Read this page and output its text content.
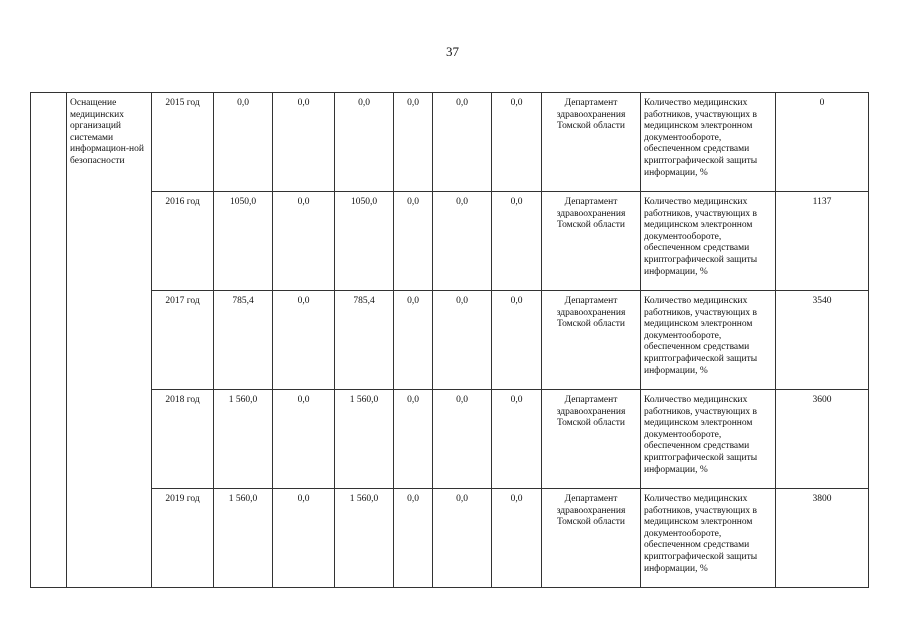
37
	Оснащение медицинских организаций системами информацион-ной безопасности	2015 год	0,0	0,0	0,0	0,0	0,0	0,0	Департамент здравоохранения Томской области	Количество медицинских работников, участвующих в медицинском электронном документообороте, обеспеченном средствами криптографической защиты информации, %	0
		2016 год	1050,0	0,0	1050,0	0,0	0,0	0,0	Департамент здравоохранения Томской области	Количество медицинских работников, участвующих в медицинском электронном документообороте, обеспеченном средствами криптографической защиты информации, %	1137
		2017 год	785,4	0,0	785,4	0,0	0,0	0,0	Департамент здравоохранения Томской области	Количество медицинских работников, участвующих в медицинском электронном документообороте, обеспеченном средствами криптографической защиты информации, %	3540
		2018 год	1 560,0	0,0	1 560,0	0,0	0,0	0,0	Департамент здравоохранения Томской области	Количество медицинских работников, участвующих в медицинском электронном документообороте, обеспеченном средствами криптографической защиты информации, %	3600
		2019 год	1 560,0	0,0	1 560,0	0,0	0,0	0,0	Департамент здравоохранения Томской области	Количество медицинских работников, участвующих в медицинском электронном документообороте, обеспеченном средствами криптографической защиты информации, %	3800
